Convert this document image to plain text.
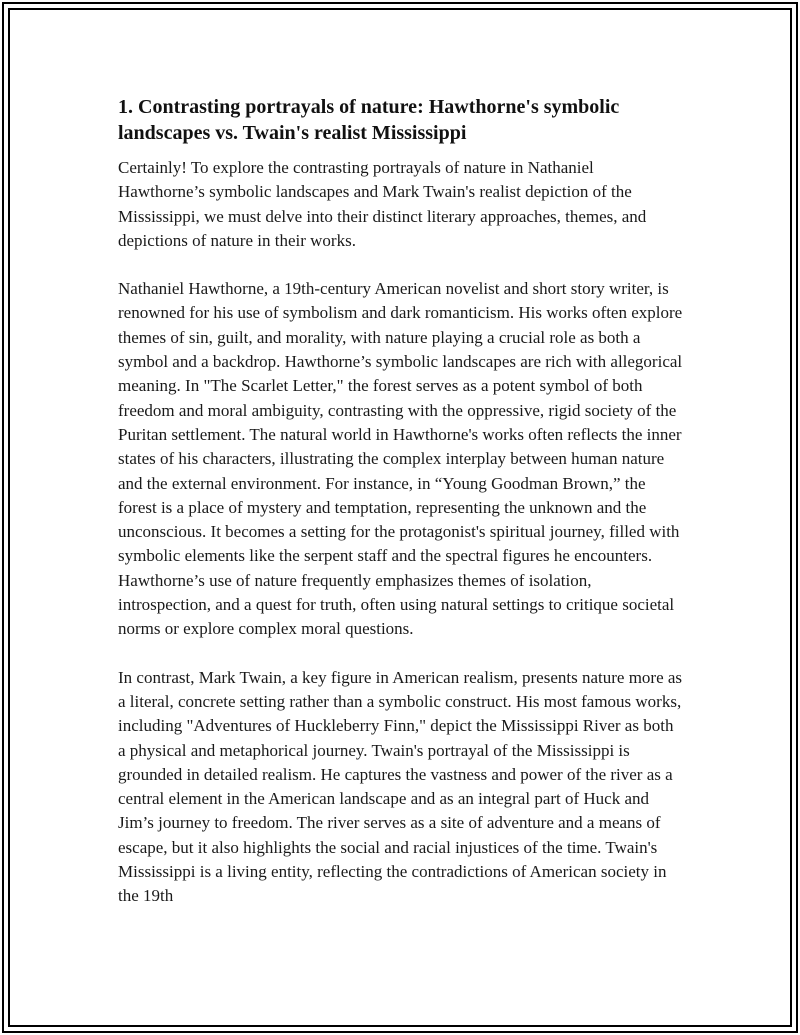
1. Contrasting portrayals of nature: Hawthorne's symbolic landscapes vs. Twain's realist Mississippi

Certainly! To explore the contrasting portrayals of nature in Nathaniel Hawthorne’s symbolic landscapes and Mark Twain's realist depiction of the Mississippi, we must delve into their distinct literary approaches, themes, and depictions of nature in their works.

Nathaniel Hawthorne, a 19th-century American novelist and short story writer, is renowned for his use of symbolism and dark romanticism. His works often explore themes of sin, guilt, and morality, with nature playing a crucial role as both a symbol and a backdrop. Hawthorne’s symbolic landscapes are rich with allegorical meaning. In "The Scarlet Letter," the forest serves as a potent symbol of both freedom and moral ambiguity, contrasting with the oppressive, rigid society of the Puritan settlement. The natural world in Hawthorne's works often reflects the inner states of his characters, illustrating the complex interplay between human nature and the external environment. For instance, in “Young Goodman Brown,” the forest is a place of mystery and temptation, representing the unknown and the unconscious. It becomes a setting for the protagonist's spiritual journey, filled with symbolic elements like the serpent staff and the spectral figures he encounters. Hawthorne’s use of nature frequently emphasizes themes of isolation, introspection, and a quest for truth, often using natural settings to critique societal norms or explore complex moral questions.

In contrast, Mark Twain, a key figure in American realism, presents nature more as a literal, concrete setting rather than a symbolic construct. His most famous works, including "Adventures of Huckleberry Finn," depict the Mississippi River as both a physical and metaphorical journey. Twain's portrayal of the Mississippi is grounded in detailed realism. He captures the vastness and power of the river as a central element in the American landscape and as an integral part of Huck and Jim’s journey to freedom. The river serves as a site of adventure and a means of escape, but it also highlights the social and racial injustices of the time. Twain's Mississippi is a living entity, reflecting the contradictions of American society in the 19th
